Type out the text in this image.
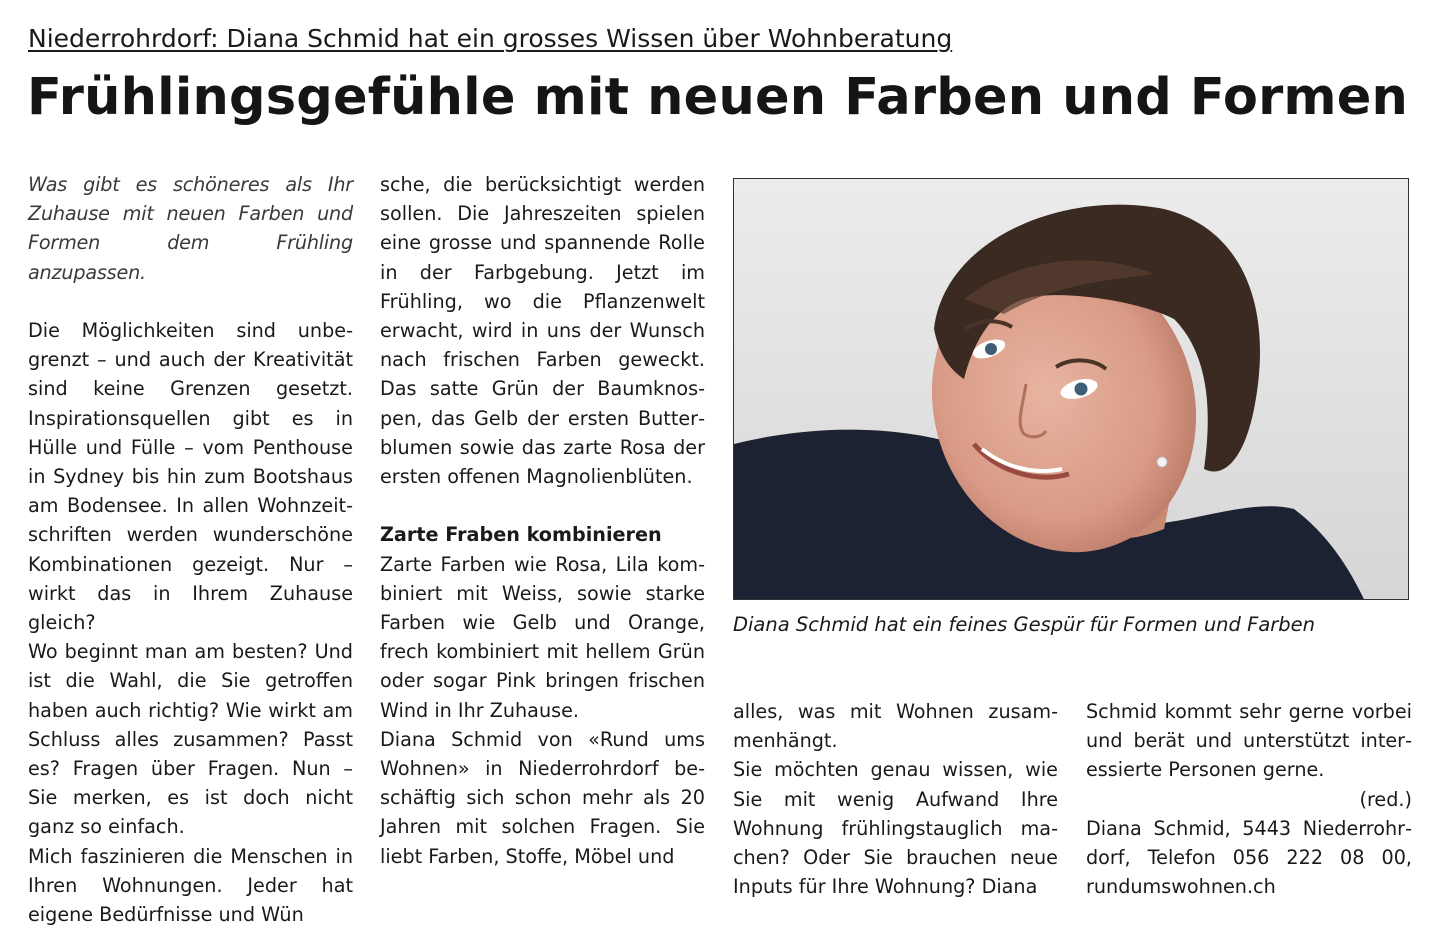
Niederrohrdorf: Diana Schmid hat ein grosses Wissen über Wohnberatung
Frühlingsgefühle mit neuen Farben und Formen

Was gibt es schöneres als Ihr Zuhause mit neuen Farben und Formen dem Frühling anzupassen.

Die Möglichkeiten sind unbegrenzt – und auch der Kreativität sind keine Grenzen gesetzt. Inspirationsquellen gibt es in Hülle und Fülle – vom Penthouse in Sydney bis hin zum Bootshaus am Bodensee. In allen Wohnzeitschriften werden wunderschöne Kombinationen gezeigt. Nur – wirkt das in Ihrem Zuhause gleich?

Wo beginnt man am besten? Und ist die Wahl, die Sie getroffen haben auch richtig? Wie wirkt am Schluss alles zusammen? Passt es? Fragen über Fragen. Nun – Sie merken, es ist doch nicht ganz so einfach.

Mich faszinieren die Menschen in Ihren Wohnungen. Jeder hat eigene Bedürfnisse und Wün

sche, die berücksichtigt werden sollen. Die Jahreszeiten spielen eine grosse und spannende Rolle in der Farbgebung. Jetzt im Frühling, wo die Pflanzenwelt erwacht, wird in uns der Wunsch nach frischen Farben geweckt. Das satte Grün der Baumknospen, das Gelb der ersten Butterblumen sowie das zarte Rosa der ersten offenen Magnolienblüten.

Zarte Fraben kombinieren

Zarte Farben wie Rosa, Lila kombiniert mit Weiss, sowie starke Farben wie Gelb und Orange, frech kombiniert mit hellem Grün oder sogar Pink bringen frischen Wind in Ihr Zuhause.

Diana Schmid von «Rund ums Wohnen» in Niederrohrdorf beschäftig sich schon mehr als 20 Jahren mit solchen Fragen. Sie liebt Farben, Stoffe, Möbel und

Diana Schmid hat ein feines Gespür für Formen und Farben

alles, was mit Wohnen zusammenhängt.

Sie möchten genau wissen, wie Sie mit wenig Aufwand Ihre Wohnung frühlingstauglich machen? Oder Sie brauchen neue Inputs für Ihre Wohnung? Diana

Schmid kommt sehr gerne vorbei und berät und unterstützt interessierte Personen gerne.

(red.)

Diana Schmid, 5443 Niederrohrdorf, Telefon 056 222 08 00, rundumswohnen.ch
